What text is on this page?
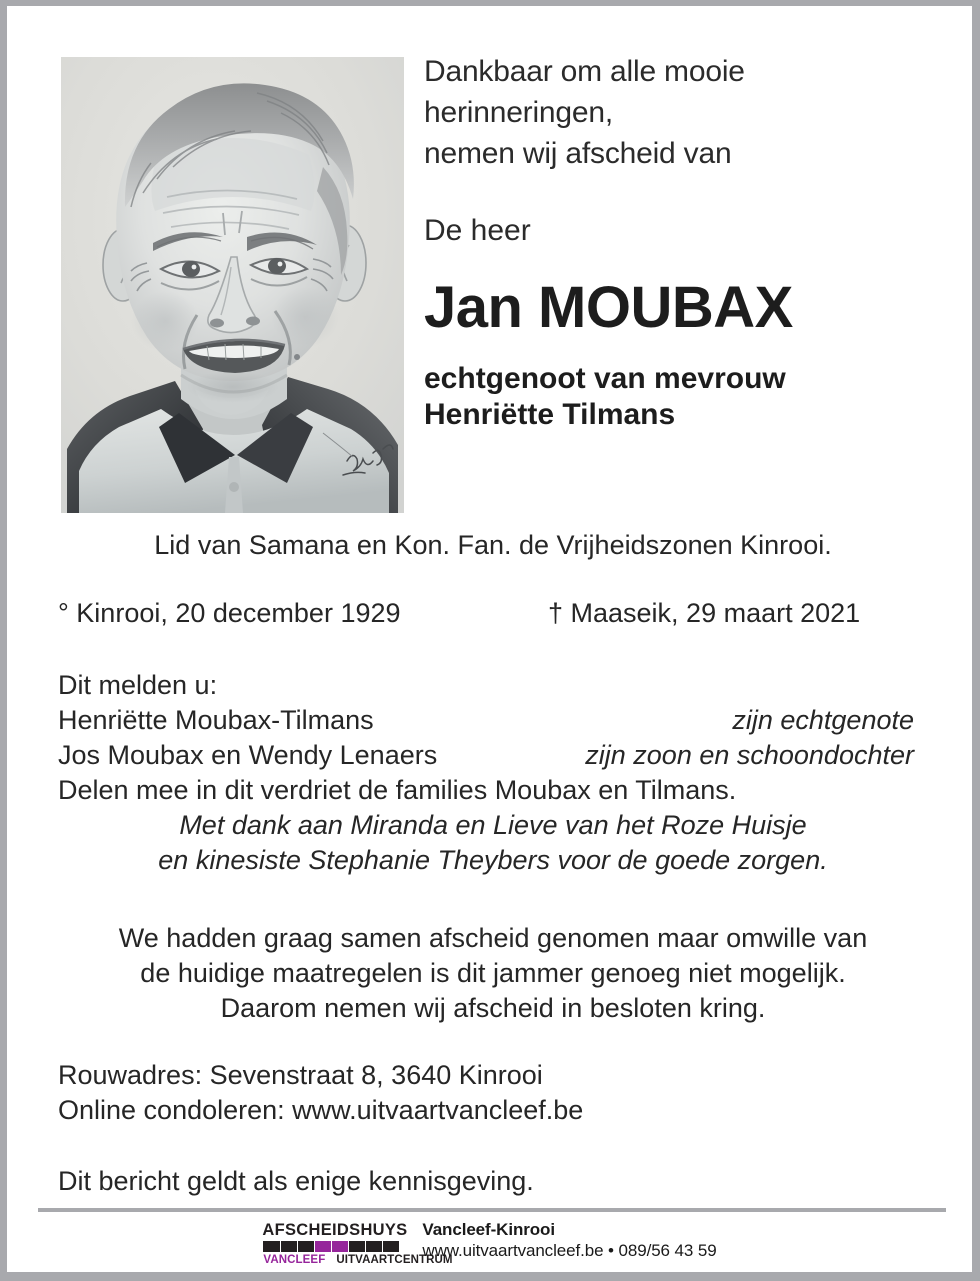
Dankbaar om alle mooie
herinneringen,
nemen wij afscheid van
De heer
Jan MOUBAX
echtgenoot van mevrouw
Henriëtte Tilmans
Lid van Samana en Kon. Fan. de Vrijheidszonen Kinrooi.
° Kinrooi, 20 december 1929	† Maaseik, 29 maart 2021
Dit melden u:
Henriëtte Moubax-Tilmans	zijn echtgenote
Jos Moubax en Wendy Lenaers	zijn zoon en schoondochter
Delen mee in dit verdriet de families Moubax en Tilmans.
Met dank aan Miranda en Lieve van het Roze Huisje
en kinesiste Stephanie Theybers voor de goede zorgen.
We hadden graag samen afscheid genomen maar omwille van
de huidige maatregelen is dit jammer genoeg niet mogelijk.
Daarom nemen wij afscheid in besloten kring.
Rouwadres: Sevenstraat 8, 3640 Kinrooi
Online condoleren: www.uitvaartvancleef.be
Dit bericht geldt als enige kennisgeving.
AFSCHEIDSHUYS
VANCLEEF UITVAARTCENTRUM
Vancleef-Kinrooi
www.uitvaartvancleef.be • 089/56 43 59
